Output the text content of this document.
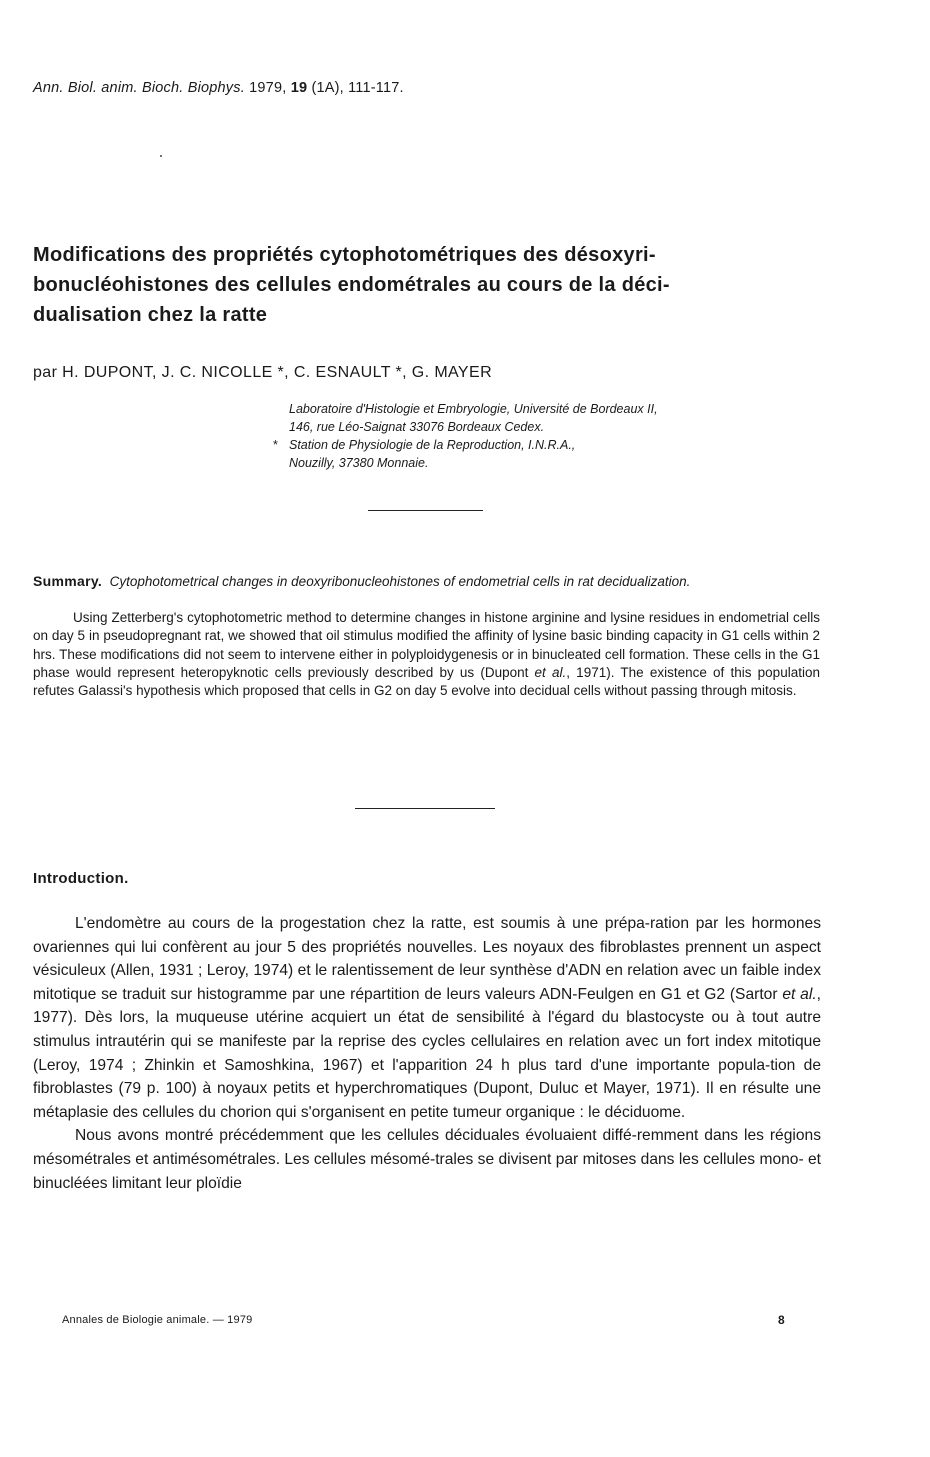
Ann. Biol. anim. Bioch. Biophys. 1979, 19 (1A), 111-117.
Modifications des propriétés cytophotométriques des désoxyri-
bonucléohistones des cellules endométrales au cours de la déci-
dualisation chez la ratte
par H. DUPONT, J. C. NICOLLE *, C. ESNAULT *, G. MAYER
Laboratoire d'Histologie et Embryologie, Université de Bordeaux II,
146, rue Léo-Saignat 33076 Bordeaux Cedex.
* Station de Physiologie de la Reproduction, I.N.R.A.,
Nouzilly, 37380 Monnaie.
Summary. Cytophotometrical changes in deoxyribonucleohistones of endometrial cells in rat decidualization.
Using Zetterberg's cytophotometric method to determine changes in histone arginine and lysine residues in endometrial cells on day 5 in pseudopregnant rat, we showed that oil stimulus modified the affinity of lysine basic binding capacity in G1 cells within 2 hrs. These modifications did not seem to intervene either in polyploidygenesis or in binucleated cell formation. These cells in the G1 phase would represent heteropyknotic cells previously described by us (Dupont et al., 1971). The existence of this population refutes Galassi's hypothesis which proposed that cells in G2 on day 5 evolve into decidual cells without passing through mitosis.
Introduction.

L'endomètre au cours de la progestation chez la ratte, est soumis à une prépa-ration par les hormones ovariennes qui lui confèrent au jour 5 des propriétés nouvelles. Les noyaux des fibroblastes prennent un aspect vésiculeux (Allen, 1931 ; Leroy, 1974) et le ralentissement de leur synthèse d'ADN en relation avec un faible index mitotique se traduit sur histogramme par une répartition de leurs valeurs ADN-Feulgen en G1 et G2 (Sartor et al., 1977). Dès lors, la muqueuse utérine acquiert un état de sensibilité à l'égard du blastocyste ou à tout autre stimulus intrautérin qui se manifeste par la reprise des cycles cellulaires en relation avec un fort index mitotique (Leroy, 1974 ; Zhinkin et Samoshkina, 1967) et l'apparition 24 h plus tard d'une importante popula-tion de fibroblastes (79 p. 100) à noyaux petits et hyperchromatiques (Dupont, Duluc et Mayer, 1971). Il en résulte une métaplasie des cellules du chorion qui s'organisent en petite tumeur organique : le déciduome.

Nous avons montré précédemment que les cellules déciduales évoluaient diffé-remment dans les régions mésométrales et antimésométrales. Les cellules mésomé-trales se divisent par mitoses dans les cellules mono- et binucléées limitant leur ploïdie

Annales de Biologie animale. — 1979	8
